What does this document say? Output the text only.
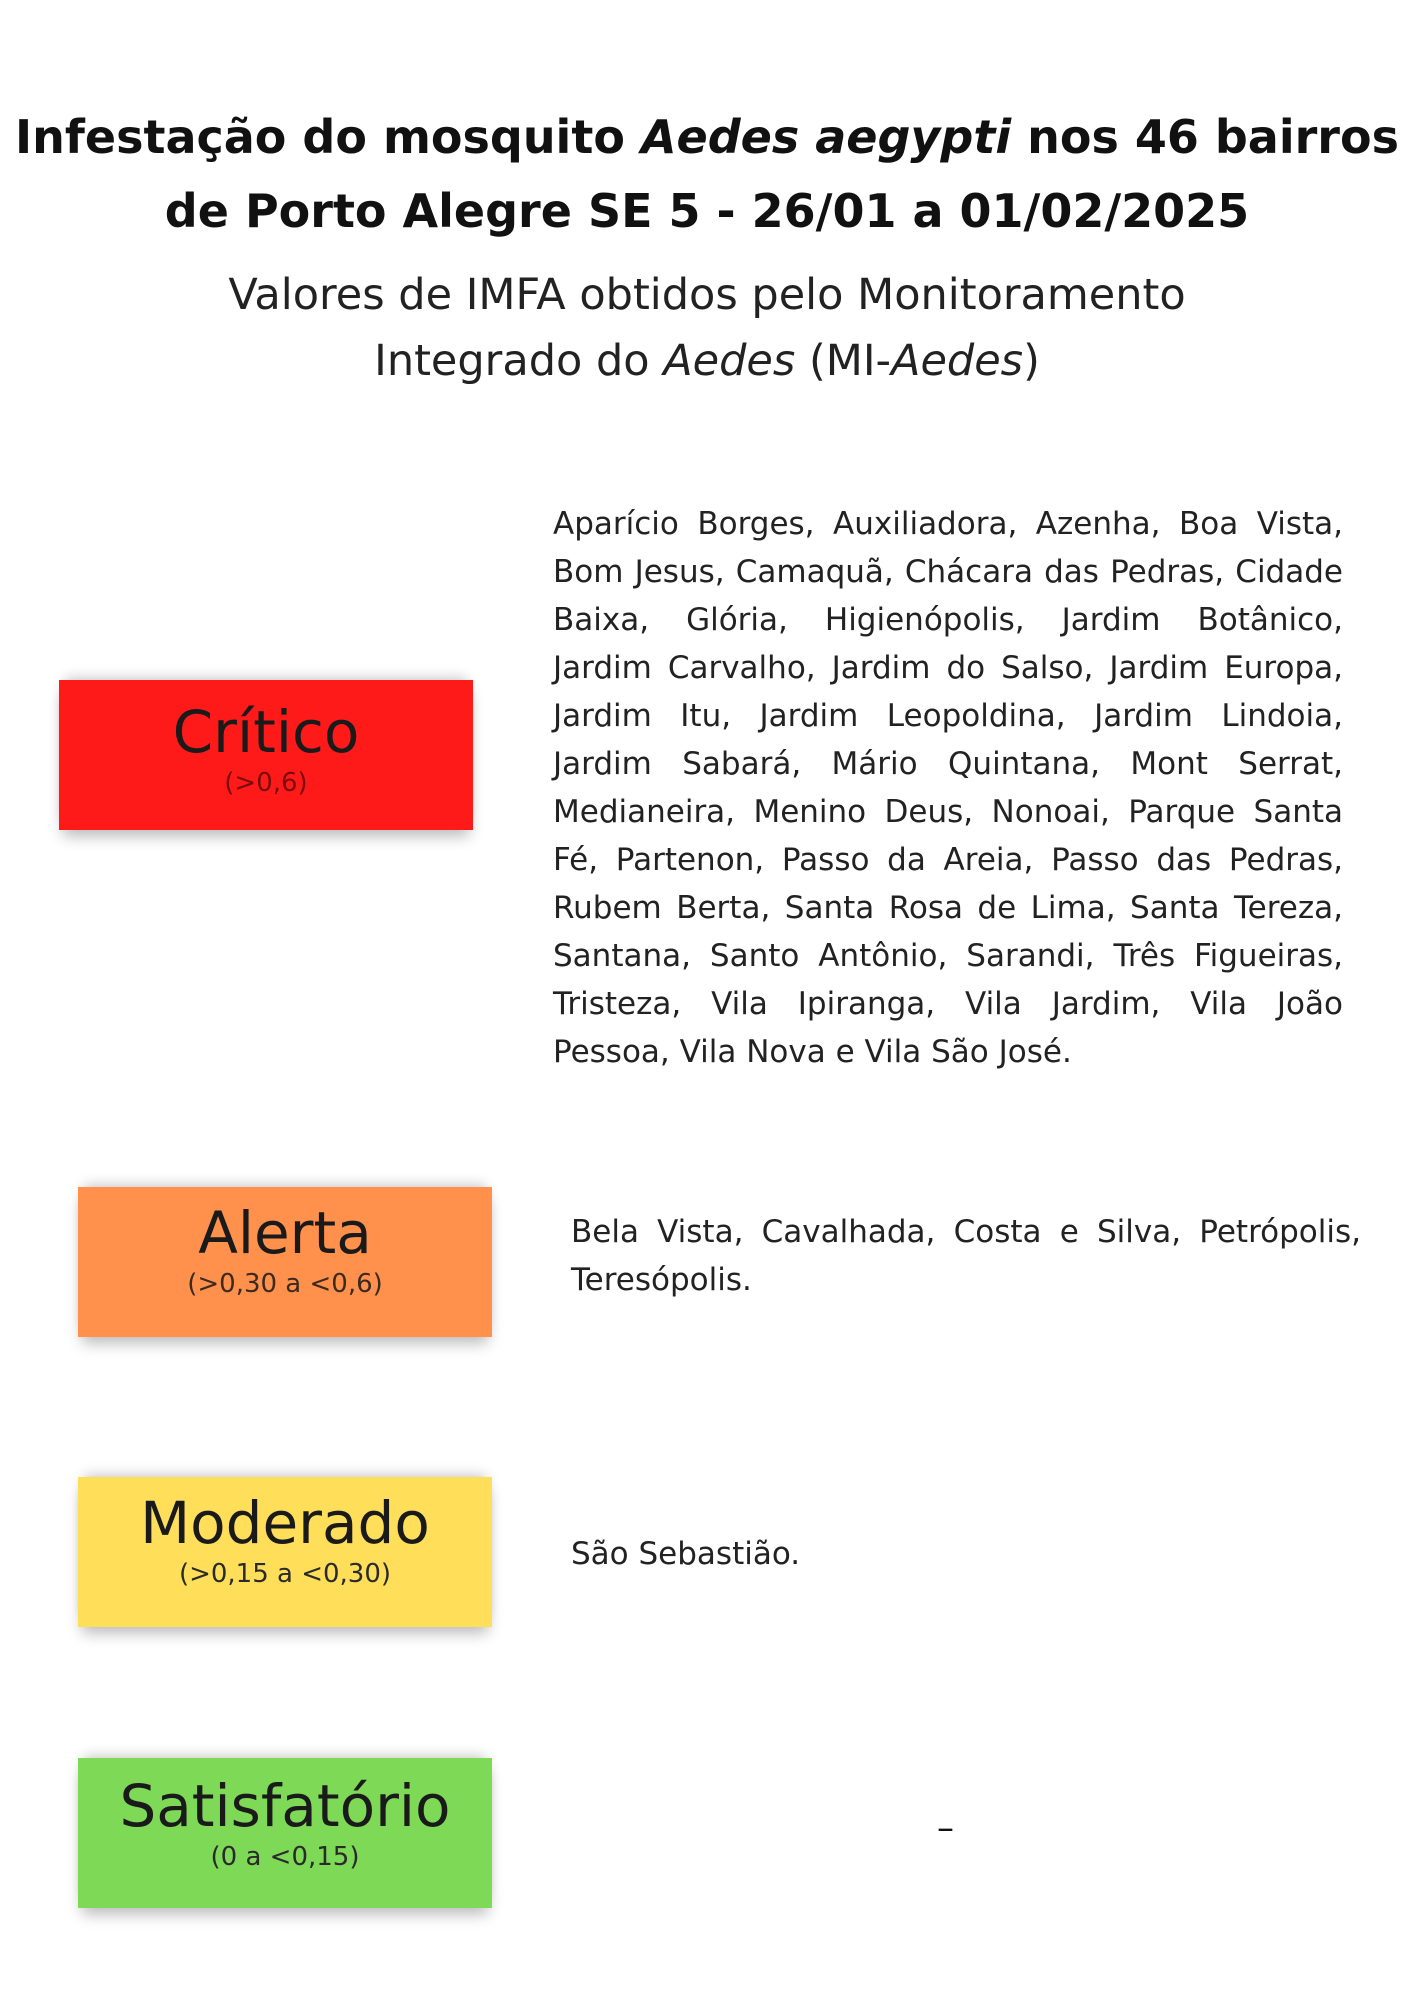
Infestação do mosquito Aedes aegypti nos 46 bairros
de Porto Alegre SE 5 - 26/01 a 01/02/2025
Valores de IMFA obtidos pelo Monitoramento
Integrado do Aedes (MI-Aedes)
Crítico
(>0,6)
Aparício Borges, Auxiliadora, Azenha, Boa Vista, Bom Jesus, Camaquã, Chácara das Pedras, Cidade Baixa, Glória, Higienópolis, Jardim Botânico, Jardim Carvalho, Jardim do Salso, Jardim Europa, Jardim Itu, Jardim Leopoldina, Jardim Lindoia, Jardim Sabará, Mário Quintana, Mont Serrat, Medianeira, Menino Deus, Nonoai, Parque Santa Fé, Partenon, Passo da Areia, Passo das Pedras, Rubem Berta, Santa Rosa de Lima, Santa Tereza, Santana, Santo Antônio, Sarandi, Três Figueiras, Tristeza, Vila Ipiranga, Vila Jardim, Vila João Pessoa, Vila Nova e Vila São José.
Alerta
(>0,30 a <0,6)
Bela Vista, Cavalhada, Costa e Silva, Petrópolis, Teresópolis.
Moderado
(>0,15 a <0,30)
São Sebastião.
Satisfatório
(0 a <0,15)
–
